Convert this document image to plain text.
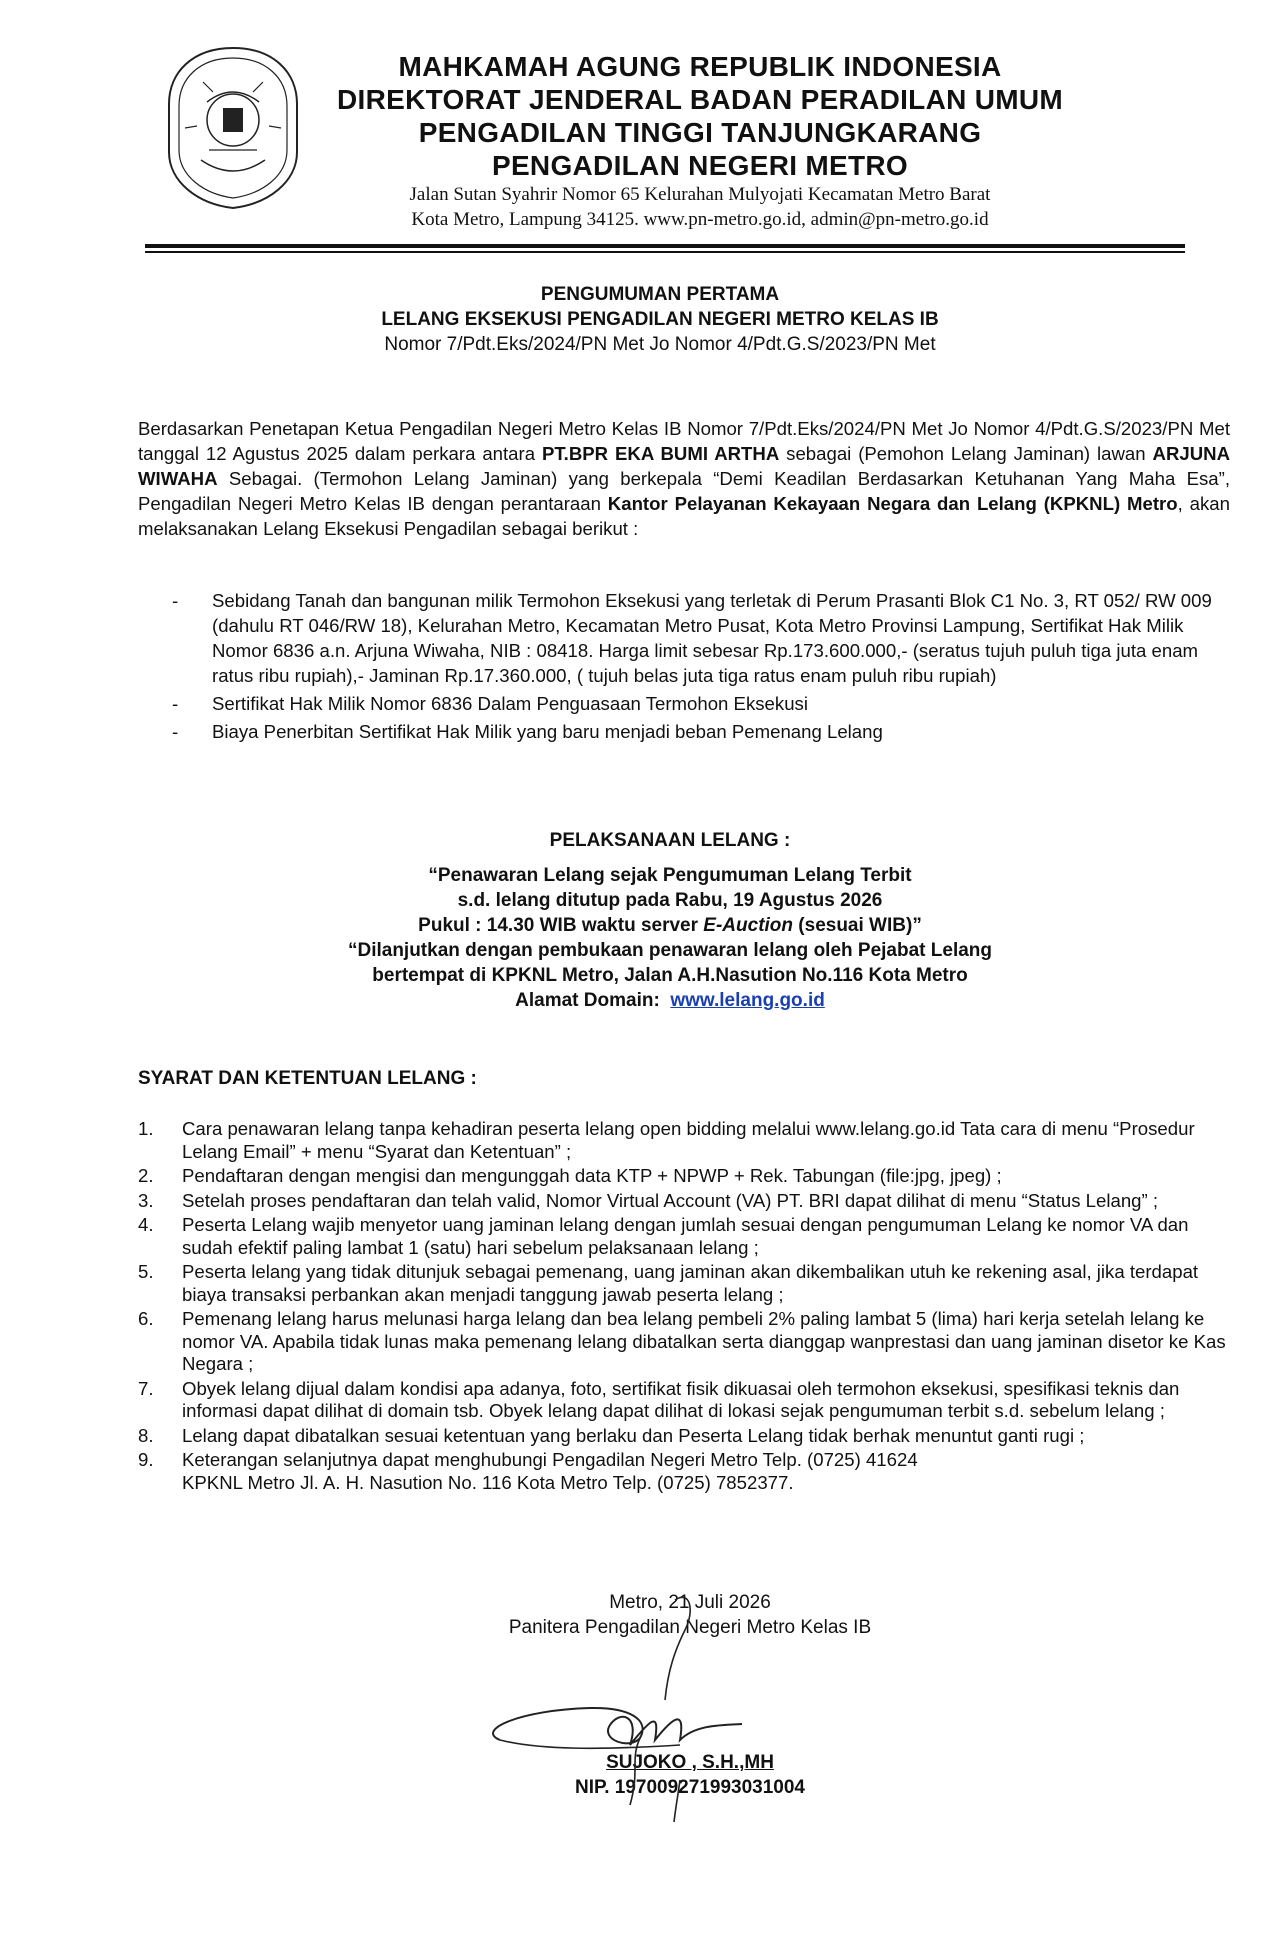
MAHKAMAH AGUNG REPUBLIK INDONESIA
DIREKTORAT JENDERAL BADAN PERADILAN UMUM
PENGADILAN TINGGI TANJUNGKARANG
PENGADILAN NEGERI METRO
Jalan Sutan Syahrir Nomor 65 Kelurahan Mulyojati Kecamatan Metro Barat
Kota Metro, Lampung 34125. www.pn-metro.go.id, admin@pn-metro.go.id
PENGUMUMAN PERTAMA
LELANG EKSEKUSI PENGADILAN NEGERI METRO KELAS IB
Nomor 7/Pdt.Eks/2024/PN Met Jo Nomor 4/Pdt.G.S/2023/PN Met
Berdasarkan Penetapan Ketua Pengadilan Negeri Metro Kelas IB Nomor 7/Pdt.Eks/2024/PN Met Jo Nomor 4/Pdt.G.S/2023/PN Met tanggal 12 Agustus 2025 dalam perkara antara PT.BPR EKA BUMI ARTHA sebagai (Pemohon Lelang Jaminan) lawan ARJUNA WIWAHA Sebagai. (Termohon Lelang Jaminan) yang berkepala “Demi Keadilan Berdasarkan Ketuhanan Yang Maha Esa”, Pengadilan Negeri Metro Kelas IB dengan perantaraan Kantor Pelayanan Kekayaan Negara dan Lelang (KPKNL) Metro, akan melaksanakan Lelang Eksekusi Pengadilan sebagai berikut :
- Sebidang Tanah dan bangunan milik Termohon Eksekusi yang terletak di Perum Prasanti Blok C1 No. 3, RT 052/ RW 009 (dahulu RT 046/RW 18), Kelurahan Metro, Kecamatan Metro Pusat, Kota Metro Provinsi Lampung, Sertifikat Hak Milik Nomor 6836 a.n. Arjuna Wiwaha, NIB : 08418. Harga limit sebesar Rp.173.600.000,- (seratus tujuh puluh tiga juta enam ratus ribu rupiah),- Jaminan Rp.17.360.000, ( tujuh belas juta tiga ratus enam puluh ribu rupiah)
- Sertifikat Hak Milik Nomor 6836 Dalam Penguasaan Termohon Eksekusi
- Biaya Penerbitan Sertifikat Hak Milik yang baru menjadi beban Pemenang Lelang
PELAKSANAAN LELANG :
“Penawaran Lelang sejak Pengumuman Lelang Terbit
s.d. lelang ditutup pada Rabu, 19 Agustus 2026
Pukul : 14.30 WIB waktu server E-Auction (sesuai WIB)”
“Dilanjutkan dengan pembukaan penawaran lelang oleh Pejabat Lelang
bertempat di KPKNL Metro, Jalan A.H.Nasution No.116 Kota Metro
Alamat Domain: www.lelang.go.id
SYARAT DAN KETENTUAN LELANG :
1. Cara penawaran lelang tanpa kehadiran peserta lelang open bidding melalui www.lelang.go.id Tata cara di menu “Prosedur Lelang Email” + menu “Syarat dan Ketentuan” ;
2. Pendaftaran dengan mengisi dan mengunggah data KTP + NPWP + Rek. Tabungan (file:jpg, jpeg) ;
3. Setelah proses pendaftaran dan telah valid, Nomor Virtual Account (VA) PT. BRI dapat dilihat di menu “Status Lelang” ;
4. Peserta Lelang wajib menyetor uang jaminan lelang dengan jumlah sesuai dengan pengumuman Lelang ke nomor VA dan sudah efektif paling lambat 1 (satu) hari sebelum pelaksanaan lelang ;
5. Peserta lelang yang tidak ditunjuk sebagai pemenang, uang jaminan akan dikembalikan utuh ke rekening asal, jika terdapat biaya transaksi perbankan akan menjadi tanggung jawab peserta lelang ;
6. Pemenang lelang harus melunasi harga lelang dan bea lelang pembeli 2% paling lambat 5 (lima) hari kerja setelah lelang ke nomor VA. Apabila tidak lunas maka pemenang lelang dibatalkan serta dianggap wanprestasi dan uang jaminan disetor ke Kas Negara ;
7. Obyek lelang dijual dalam kondisi apa adanya, foto, sertifikat fisik dikuasai oleh termohon eksekusi, spesifikasi teknis dan informasi dapat dilihat di domain tsb. Obyek lelang dapat dilihat di lokasi sejak pengumuman terbit s.d. sebelum lelang ;
8. Lelang dapat dibatalkan sesuai ketentuan yang berlaku dan Peserta Lelang tidak berhak menuntut ganti rugi ;
9. Keterangan selanjutnya dapat menghubungi Pengadilan Negeri Metro Telp. (0725) 41624
KPKNL Metro Jl. A. H. Nasution No. 116 Kota Metro Telp. (0725) 7852377.
Metro, 21 Juli 2026
Panitera Pengadilan Negeri Metro Kelas IB
SUJOKO , S.H.,MH
NIP. 197009271993031004
